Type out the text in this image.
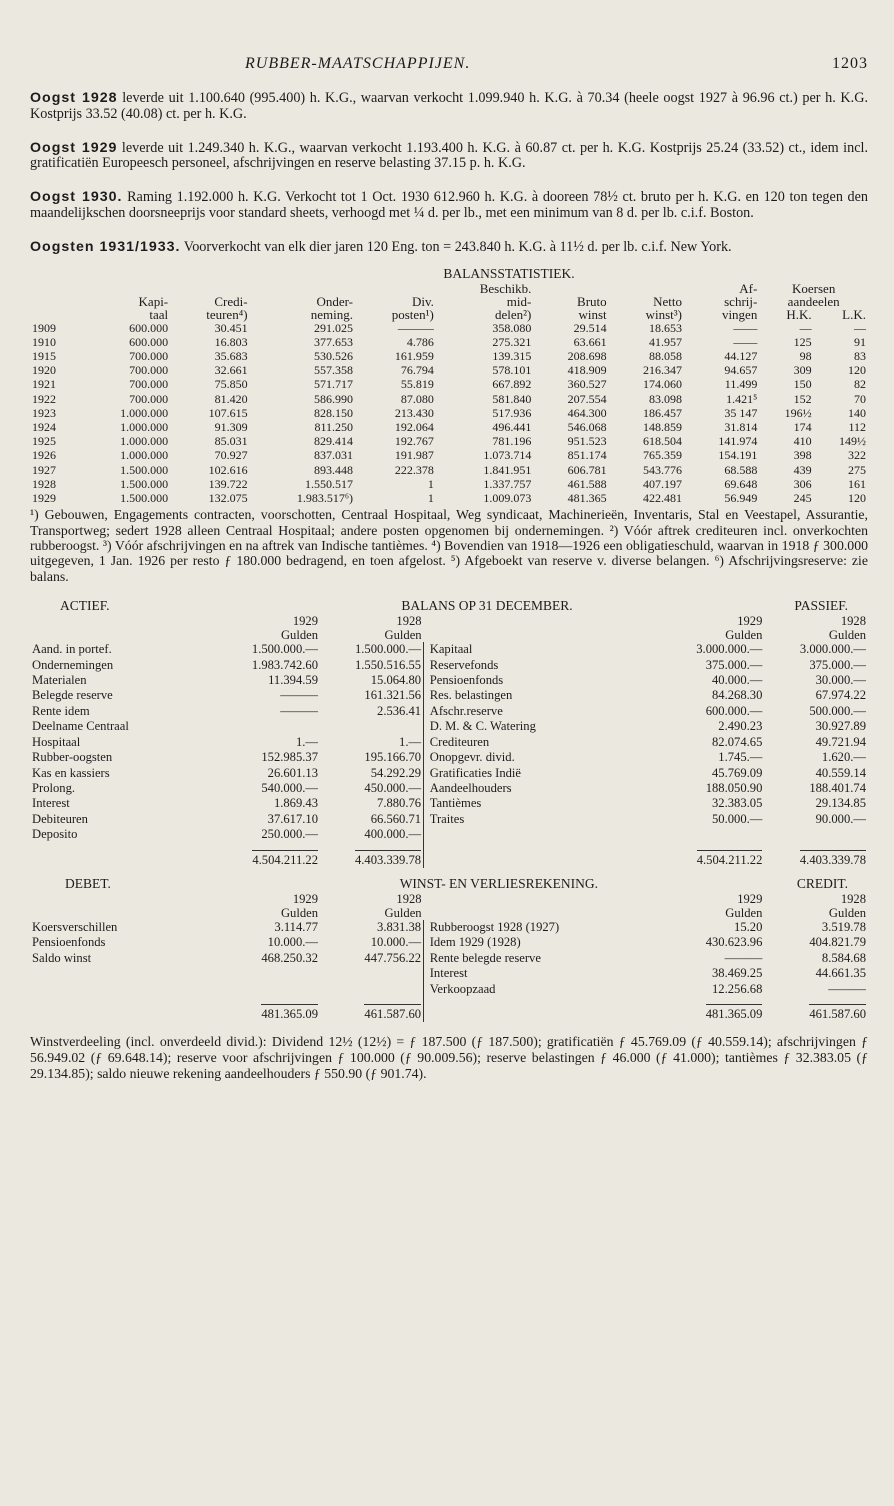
RUBBER-MAATSCHAPPIJEN.	1203
Oogst 1928 leverde uit 1.100.640 (995.400) h. K.G., waarvan verkocht 1.099.940 h. K.G. à 70.34 (heele oogst 1927 à 96.96 ct.) per h. K.G. Kostprijs 33.52 (40.08) ct. per h. K.G.
Oogst 1929 leverde uit 1.249.340 h. K.G., waarvan verkocht 1.193.400 h. K.G. à 60.87 ct. per h. K.G. Kostprijs 25.24 (33.52) ct., idem incl. gratificatiën Europeesch personeel, afschrijvingen en reserve belasting 37.15 p. h. K.G.
Oogst 1930. Raming 1.192.000 h. K.G. Verkocht tot 1 Oct. 1930 612.960 h. K.G. à dooreen 78½ ct. bruto per h. K.G. en 120 ton tegen den maandelijkschen doorsneeprijs voor standard sheets, verhoogd met ¼ d. per lb., met een minimum van 8 d. per lb. c.i.f. Boston.
Oogsten 1931/1933. Voorverkocht van elk dier jaren 120 Eng. ton = 243.840 h. K.G. à 11½ d. per lb. c.i.f. New York.
BALANSSTATISTIEK.
					Beschikb.			Af-	Koersen	
	Kapi-	Credi-	Onder-	Div.	mid-	Bruto	Netto	schrij-	aandeelen	
	taal	teuren⁴)	neming.	posten¹)	delen²)	winst	winst³)	vingen	H.K.	L.K.
1909	600.000	30.451	291.025	———	358.080	29.514	18.653	——	—	—
1910	600.000	16.803	377.653	4.786	275.321	63.661	41.957	——	125	91
1915	700.000	35.683	530.526	161.959	139.315	208.698	88.058	44.127	98	83
1920	700.000	32.661	557.358	76.794	578.101	418.909	216.347	94.657	309	120
1921	700.000	75.850	571.717	55.819	667.892	360.527	174.060	11.499	150	82
1922	700.000	81.420	586.990	87.080	581.840	207.554	83.098	1.421⁵	152	70
1923	1.000.000	107.615	828.150	213.430	517.936	464.300	186.457	35 147	196½	140
1924	1.000.000	91.309	811.250	192.064	496.441	546.068	148.859	31.814	174	112
1925	1.000.000	85.031	829.414	192.767	781.196	951.523	618.504	141.974	410	149½
1926	1.000.000	70.927	837.031	191.987	1.073.714	851.174	765.359	154.191	398	322
1927	1.500.000	102.616	893.448	222.378	1.841.951	606.781	543.776	68.588	439	275
1928	1.500.000	139.722	1.550.517	1	1.337.757	461.588	407.197	69.648	306	161
1929	1.500.000	132.075	1.983.517⁶)	1	1.009.073	481.365	422.481	56.949	245	120
¹) Gebouwen, Engagements contracten, voorschotten, Centraal Hospitaal, Weg syndicaat, Machinerieën, Inventaris, Stal en Veestapel, Assurantie, Transportweg; sedert 1928 alleen Centraal Hospitaal; andere posten opgenomen bij ondernemingen. ²) Vóór aftrek crediteuren incl. onverkochten rubberoogst. ³) Vóór afschrijvingen en na aftrek van Indische tantièmes. ⁴) Bovendien van 1918—1926 een obligatieschuld, waarvan in 1918 ƒ 300.000 uitgegeven, 1 Jan. 1926 per resto ƒ 180.000 bedragend, en toen afgelost. ⁵) Afgeboekt van reserve v. diverse belangen. ⁶) Afschrijvingsreserve: zie balans.
ACTIEF.	BALANS OP 31 DECEMBER.	PASSIEF.
	1929	1928			1929	1928
	Gulden	Gulden			Gulden	Gulden
Aand. in portef.	1.500.000.—	1.500.000.—		Kapitaal	3.000.000.—	3.000.000.—
Ondernemingen	1.983.742.60	1.550.516.55		Reservefonds	375.000.—	375.000.—
Materialen	11.394.59	15.064.80		Pensioenfonds	40.000.—	30.000.—
Belegde reserve	———	161.321.56		Res. belastingen	84.268.30	67.974.22
Rente idem	———	2.536.41		Afschr.reserve	600.000.—	500.000.—
Deelname Centraal				D. M. & C. Watering	2.490.23	30.927.89
Hospitaal	1.—	1.—		Crediteuren	82.074.65	49.721.94
Rubber-oogsten	152.985.37	195.166.70		Onopgevr. divid.	1.745.—	1.620.—
Kas en kassiers	26.601.13	54.292.29		Gratificaties Indië	45.769.09	40.559.14
Prolong.	540.000.—	450.000.—		Aandeelhouders	188.050.90	188.401.74
Interest	1.869.43	7.880.76		Tantièmes	32.383.05	29.134.85
Debiteuren	37.617.10	66.560.71		Traites	50.000.—	90.000.—
Deposito	250.000.—	400.000.—				
	4.504.211.22	4.403.339.78			4.504.211.22	4.403.339.78
DEBET.	WINST- EN VERLIESREKENING.	CREDIT.
	1929	1928			1929	1928
	Gulden	Gulden			Gulden	Gulden
Koersverschillen	3.114.77	3.831.38		Rubberoogst 1928 (1927)	15.20	3.519.78
Pensioenfonds	10.000.—	10.000.—		Idem 1929 (1928)	430.623.96	404.821.79
Saldo winst	468.250.32	447.756.22		Rente belegde reserve	———	8.584.68
				Interest	38.469.25	44.661.35
				Verkoopzaad	12.256.68	———
	481.365.09	461.587.60			481.365.09	461.587.60
Winstverdeeling (incl. onverdeeld divid.): Dividend 12½ (12½) = ƒ 187.500 (ƒ 187.500); gratificatiën ƒ 45.769.09 (ƒ 40.559.14); afschrijvingen ƒ 56.949.02 (ƒ 69.648.14); reserve voor afschrijvingen ƒ 100.000 (ƒ 90.009.56); reserve belastingen ƒ 46.000 (ƒ 41.000); tantièmes ƒ 32.383.05 (ƒ 29.134.85); saldo nieuwe rekening aandeelhouders ƒ 550.90 (ƒ 901.74).
